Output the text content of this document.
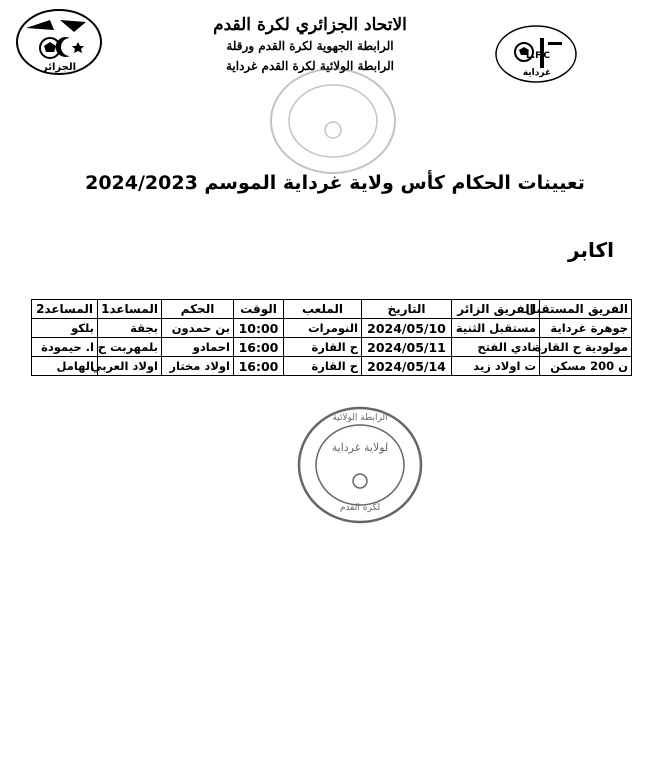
الجزائر
الاتحاد الجزائري لكرة القدم
الرابطة الجهوية لكرة القدم ورقلة
الرابطة الولائية لكرة القدم غرداية
L.F.C
غرداية
تعيينات الحكام كأس ولاية غرداية الموسم 2024/2023
اكابر
الفريق المستقبل	الفريق الزائر	التاريخ	الملعب	الوقت	الحكم	المساعد1	المساعد2
جوهرة غرداية	مستقبل الثنية	2024/05/10	النومرات	10:00	بن حمدون	بجقة	بلكو
مولودية ح القارة	نادي الفتح	2024/05/11	ح القارة	16:00	احمادو	بلمهربت ح	ا. حيمودة
ن 200 مسكن	ت اولاد زيد	2024/05/14	ح القارة	16:00	اولاد مختار	اولاد العربي	الهامل
الرابطة الولائية
لولاية غرداية
لكرة القدم
